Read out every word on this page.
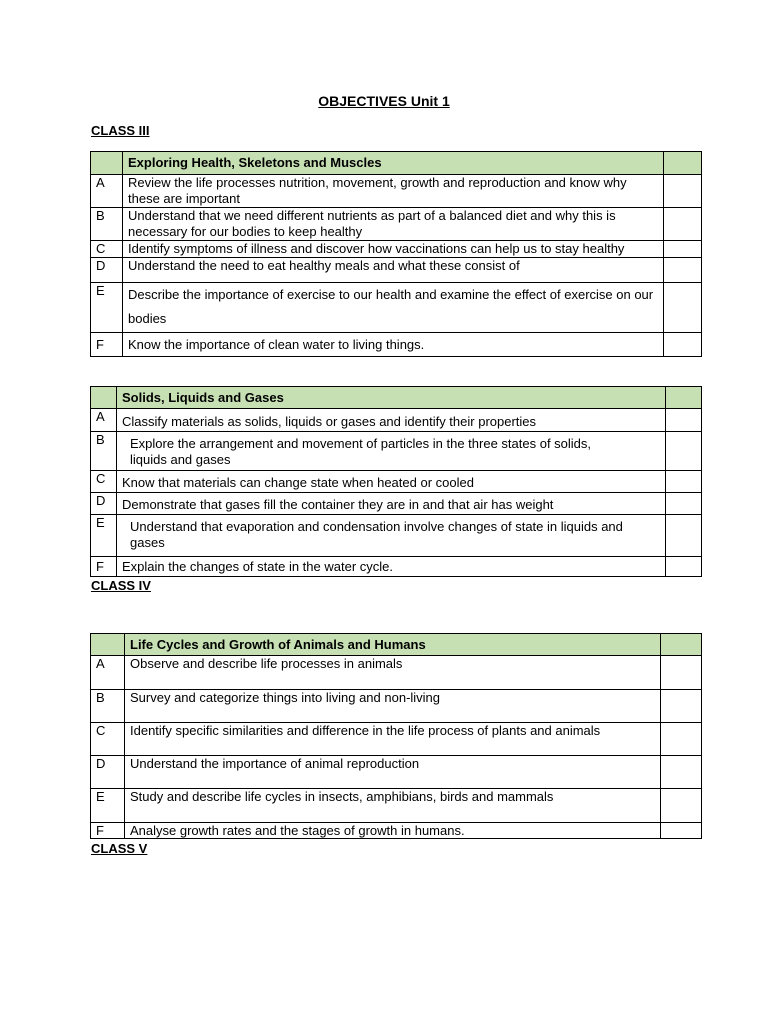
OBJECTIVES Unit 1
CLASS III
	Exploring Health, Skeletons and Muscles	
A	Review the life processes nutrition, movement, growth and reproduction and know why these are important	
B	Understand that we need different nutrients as part of a balanced diet and why this is necessary for our bodies to keep healthy	
C	Identify symptoms of illness and discover how vaccinations can help us to stay healthy	
D	Understand the need to eat healthy meals and what these consist of	
E	Describe the importance of exercise to our health and examine the effect of exercise on our bodies	
F	Know the importance of clean water to living things.	
	Solids, Liquids and Gases	
A	Classify materials as solids, liquids or gases and identify their properties	
B	Explore the arrangement and movement of particles in the three states of solids, liquids and gases	
C	Know that materials can change state when heated or cooled	
D	Demonstrate that gases fill the container they are in and that air has weight	
E	Understand that evaporation and condensation involve changes of state in liquids and gases	
F	Explain the changes of state in the water cycle.	
CLASS IV
	Life Cycles and Growth of Animals and Humans	
A	Observe and describe life processes in animals	
B	Survey and categorize things into living and non-living	
C	Identify specific similarities and difference in the life process of plants and animals	
D	Understand the importance of animal reproduction	
E	Study and describe life cycles in insects, amphibians, birds and mammals	
F	Analyse growth rates and the stages of growth in humans.	
CLASS V
